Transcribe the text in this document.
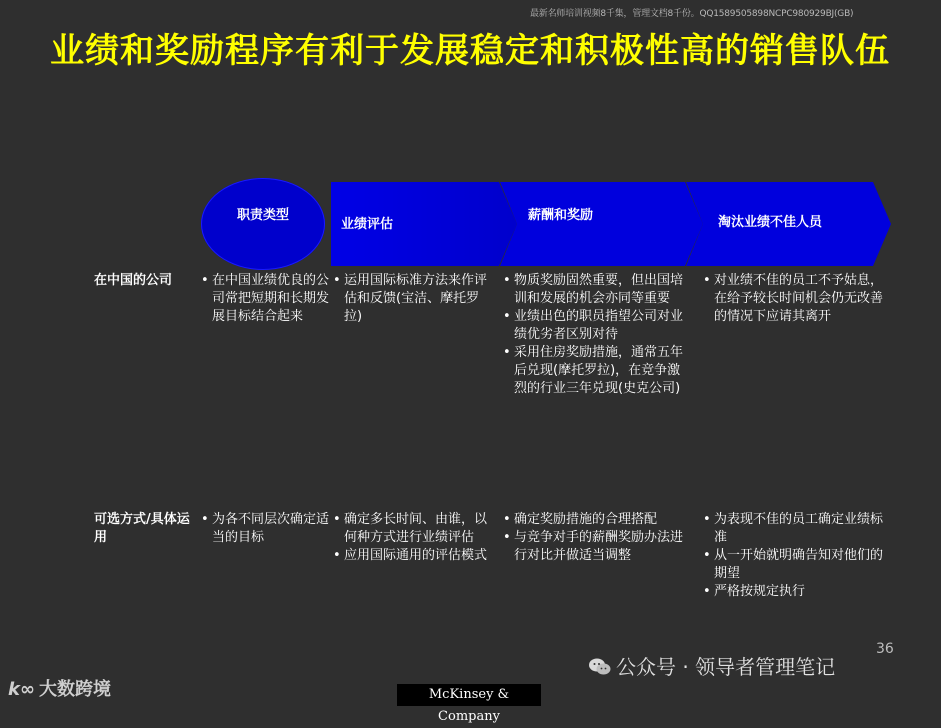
最新名师培训视频8千集，管理文档8千份。QQ1589505898NCPC980929BJ(GB)
业绩和奖励程序有利于发展稳定和积极性高的销售队伍
职责类型
业绩评估
薪酬和奖励	淘汰业绩不佳人员
在中国的公司
•	在中国业绩优良的公司常把短期和长期发展目标结合起来
• 运用国际标准方法来作评估和反馈(宝洁、摩托罗拉)
• 物质奖励固然重要，但出国培训和发展的机会亦同等重要
• 业绩出色的职员指望公司对业绩优劣者区别对待
• 采用住房奖励措施，通常五年后兑现(摩托罗拉)，在竞争激烈的行业三年兑现(史克公司)
• 对业绩不佳的员工不予姑息，在给予较长时间机会仍无改善的情况下应请其离开
可选方式/具体运用
• 为各不同层次确定适当的目标
• 确定多长时间、由谁，以何种方式进行业绩评估
• 应用国际通用的评估模式
• 确定奖励措施的合理搭配
• 与竞争对手的薪酬奖励办法进行对比并做适当调整
• 为表现不佳的员工确定业绩标准
• 从一开始就明确告知对他们的期望
• 严格按规定执行
36
k∞ 大数跨境
公众号 · 领导者管理笔记
McKinsey & Company
